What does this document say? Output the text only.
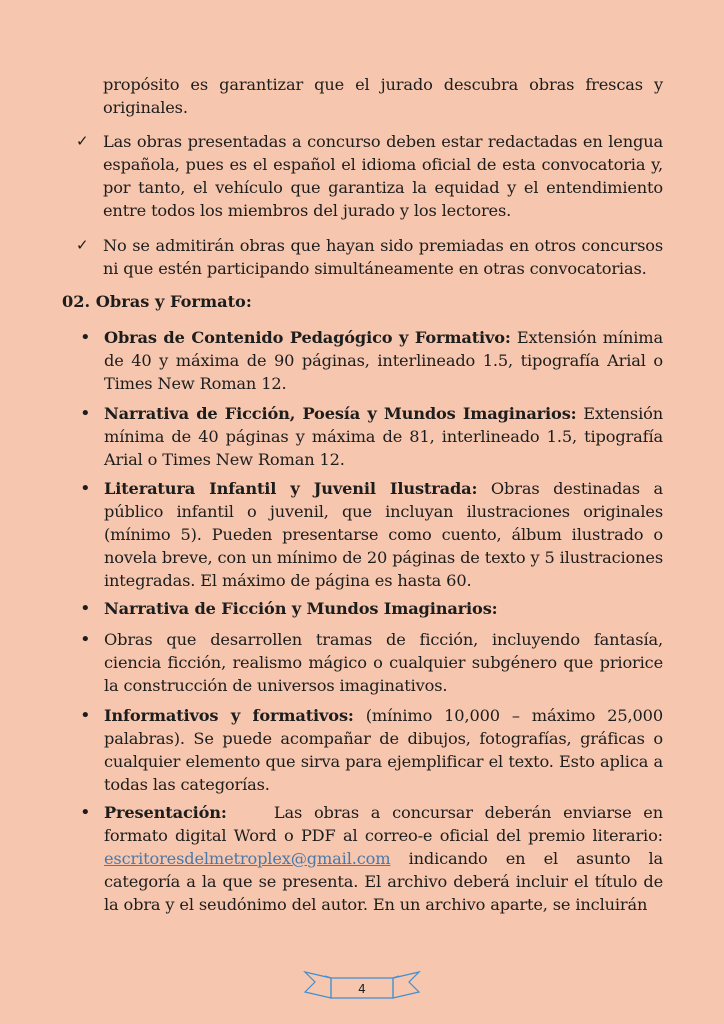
propósito es garantizar que el jurado descubra obras frescas y originales.

✓ Las obras presentadas a concurso deben estar redactadas en lengua española, pues es el español el idioma oficial de esta convocatoria y, por tanto, el vehículo que garantiza la equidad y el entendimiento entre todos los miembros del jurado y los lectores.

✓ No se admitirán obras que hayan sido premiadas en otros concursos ni que estén participando simultáneamente en otras convocatorias.

02. Obras y Formato:
• Obras de Contenido Pedagógico y Formativo: Extensión mínima de 40 y máxima de 90 páginas, interlineado 1.5, tipografía Arial o Times New Roman 12.

• Narrativa de Ficción, Poesía y Mundos Imaginarios: Extensión mínima de 40 páginas y máxima de 81, interlineado 1.5, tipografía Arial o Times New Roman 12.

• Literatura Infantil y Juvenil Ilustrada: Obras destinadas a público infantil o juvenil, que incluyan ilustraciones originales (mínimo 5). Pueden presentarse como cuento, álbum ilustrado o novela breve, con un mínimo de 20 páginas de texto y 5 ilustraciones integradas. El máximo de página es hasta 60.

• Narrativa de Ficción y Mundos Imaginarios:

• Obras que desarrollen tramas de ficción, incluyendo fantasía, ciencia ficción, realismo mágico o cualquier subgénero que priorice la construcción de universos imaginativos.

• Informativos y formativos: (mínimo 10,000 – máximo 25,000 palabras). Se puede acompañar de dibujos, fotografías, gráficas o cualquier elemento que sirva para ejemplificar el texto. Esto aplica a todas las categorías.

• Presentación:    Las obras a concursar deberán enviarse en formato digital Word o PDF al correo-e oficial del premio literario: escritoresdelmetroplex@gmail.com indicando en el asunto la categoría a la que se presenta. El archivo deberá incluir el título de la obra y el seudónimo del autor. En un archivo aparte, se incluirán

4
